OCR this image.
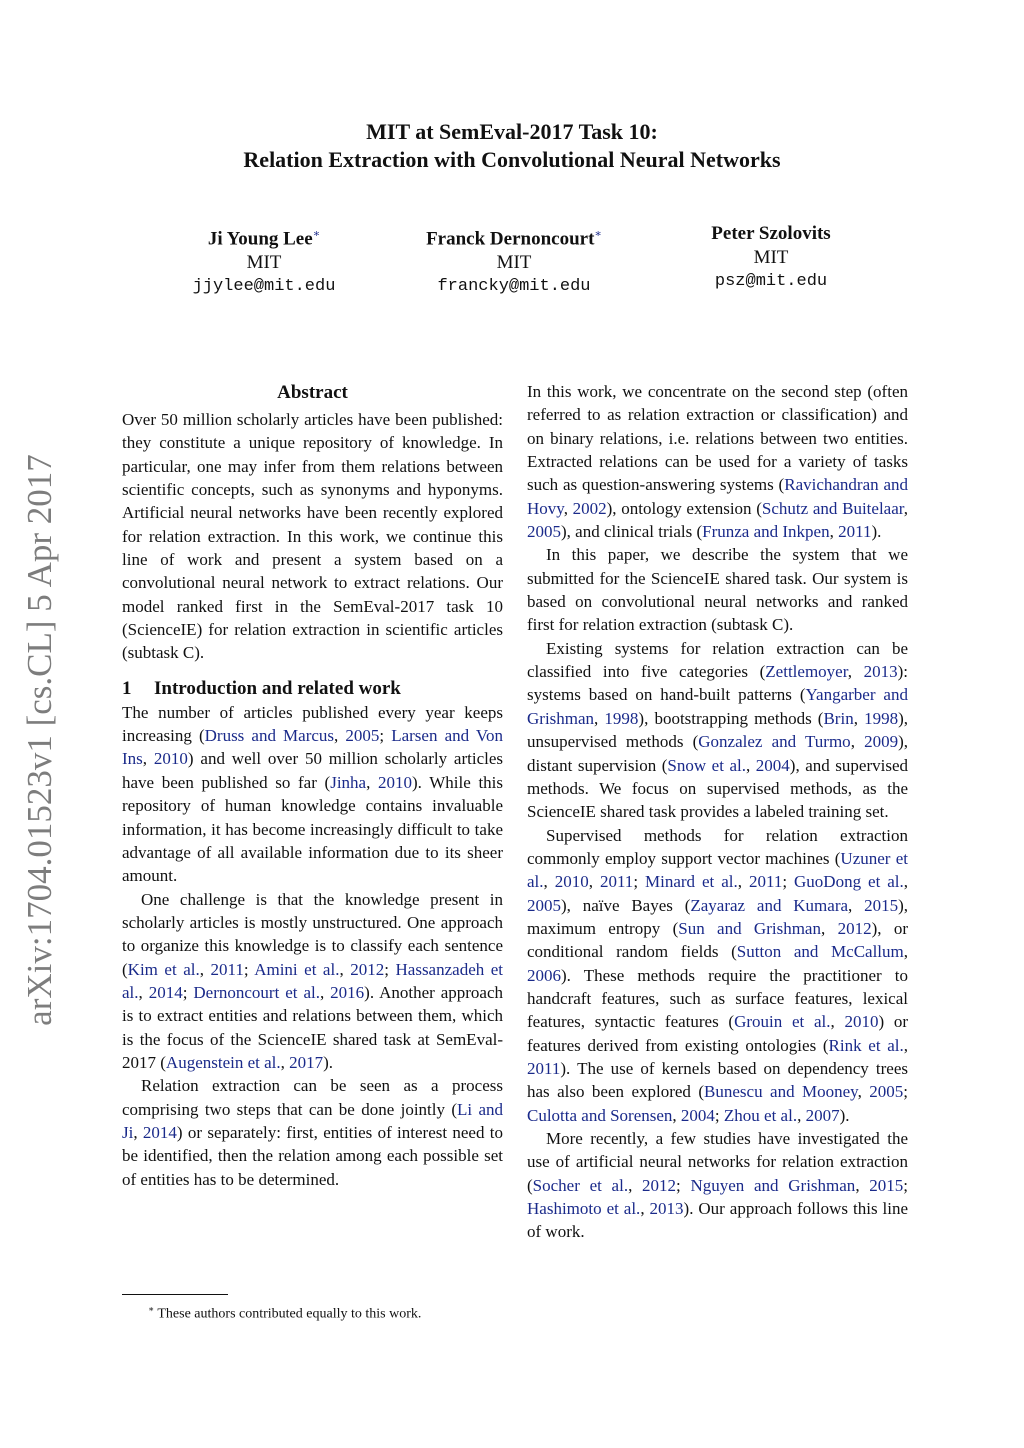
arXiv:1704.01523v1 [cs.CL] 5 Apr 2017
MIT at SemEval-2017 Task 10:
Relation Extraction with Convolutional Neural Networks
Ji Young Lee∗
MIT
jjylee@mit.edu
Franck Dernoncourt∗
MIT
francky@mit.edu
Peter Szolovits
MIT
psz@mit.edu
Abstract

Over 50 million scholarly articles have been published: they constitute a unique repository of knowledge. In particular, one may infer from them relations between scientific concepts, such as synonyms and hyponyms. Artificial neural networks have been recently explored for relation extraction. In this work, we continue this line of work and present a system based on a convolutional neural network to extract relations. Our model ranked first in the SemEval-2017 task 10 (ScienceIE) for relation extraction in scientific articles (subtask C).

1 Introduction and related work

The number of articles published every year keeps increasing (Druss and Marcus, 2005; Larsen and Von Ins, 2010) and well over 50 million scholarly articles have been published so far (Jinha, 2010). While this repository of human knowledge contains invaluable information, it has become increasingly difficult to take advantage of all available information due to its sheer amount.

One challenge is that the knowledge present in scholarly articles is mostly unstructured. One approach to organize this knowledge is to classify each sentence (Kim et al., 2011; Amini et al., 2012; Hassanzadeh et al., 2014; Dernoncourt et al., 2016). Another approach is to extract entities and relations between them, which is the focus of the ScienceIE shared task at SemEval-2017 (Augenstein et al., 2017).

Relation extraction can be seen as a process comprising two steps that can be done jointly (Li and Ji, 2014) or separately: first, entities of interest need to be identified, then the relation among each possible set of entities has to be determined.

In this work, we concentrate on the second step (often referred to as relation extraction or classification) and on binary relations, i.e. relations between two entities. Extracted relations can be used for a variety of tasks such as question-answering systems (Ravichandran and Hovy, 2002), ontology extension (Schutz and Buitelaar, 2005), and clinical trials (Frunza and Inkpen, 2011).

In this paper, we describe the system that we submitted for the ScienceIE shared task. Our system is based on convolutional neural networks and ranked first for relation extraction (subtask C).

Existing systems for relation extraction can be classified into five categories (Zettlemoyer, 2013): systems based on hand-built patterns (Yangarber and Grishman, 1998), bootstrapping methods (Brin, 1998), unsupervised methods (Gonzalez and Turmo, 2009), distant supervision (Snow et al., 2004), and supervised methods. We focus on supervised methods, as the ScienceIE shared task provides a labeled training set.

Supervised methods for relation extraction commonly employ support vector machines (Uzuner et al., 2010, 2011; Minard et al., 2011; GuoDong et al., 2005), naïve Bayes (Zayaraz and Kumara, 2015), maximum entropy (Sun and Grishman, 2012), or conditional random fields (Sutton and McCallum, 2006). These methods require the practitioner to handcraft features, such as surface features, lexical features, syntactic features (Grouin et al., 2010) or features derived from existing ontologies (Rink et al., 2011). The use of kernels based on dependency trees has also been explored (Bunescu and Mooney, 2005; Culotta and Sorensen, 2004; Zhou et al., 2007).

More recently, a few studies have investigated the use of artificial neural networks for relation extraction (Socher et al., 2012; Nguyen and Grishman, 2015; Hashimoto et al., 2013). Our approach follows this line of work.

∗ These authors contributed equally to this work.
